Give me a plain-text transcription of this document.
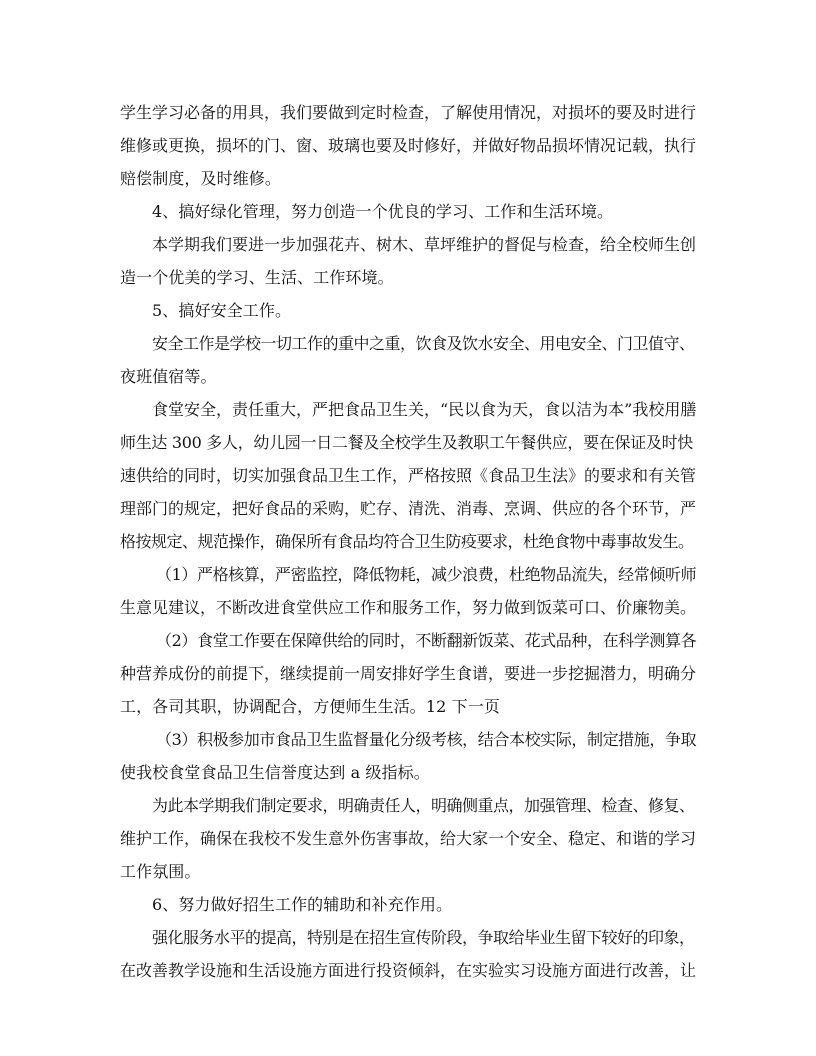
学生学习必备的用具，我们要做到定时检查，了解使用情况，对损坏的要及时进行
维修或更换，损坏的门、窗、玻璃也要及时修好，并做好物品损坏情况记载，执行
赔偿制度，及时维修。
4、搞好绿化管理，努力创造一个优良的学习、工作和生活环境。
本学期我们要进一步加强花卉、树木、草坪维护的督促与检查，给全校师生创
造一个优美的学习、生活、工作环境。
5、搞好安全工作。
安全工作是学校一切工作的重中之重，饮食及饮水安全、用电安全、门卫值守、
夜班值宿等。
食堂安全，责任重大，严把食品卫生关，“民以食为天，食以洁为本”我校用膳
师生达 300 多人，幼儿园一日二餐及全校学生及教职工午餐供应，要在保证及时快
速供给的同时，切实加强食品卫生工作，严格按照《食品卫生法》的要求和有关管
理部门的规定，把好食品的采购，贮存、清洗、消毒、烹调、供应的各个环节，严
格按规定、规范操作，确保所有食品均符合卫生防疫要求，杜绝食物中毒事故发生。
（1）严格核算，严密监控，降低物耗，减少浪费，杜绝物品流失，经常倾听师
生意见建议，不断改进食堂供应工作和服务工作，努力做到饭菜可口、价廉物美。
（2）食堂工作要在保障供给的同时，不断翻新饭菜、花式品种，在科学测算各
种营养成份的前提下，继续提前一周安排好学生食谱，要进一步挖掘潜力，明确分
工，各司其职，协调配合，方便师生生活。12 下一页
（3）积极参加市食品卫生监督量化分级考核，结合本校实际，制定措施，争取
使我校食堂食品卫生信誉度达到 a 级指标。
为此本学期我们制定要求，明确责任人，明确侧重点，加强管理、检查、修复、
维护工作，确保在我校不发生意外伤害事故，给大家一个安全、稳定、和谐的学习
工作氛围。
6、努力做好招生工作的辅助和补充作用。
强化服务水平的提高，特别是在招生宣传阶段，争取给毕业生留下较好的印象，
在改善教学设施和生活设施方面进行投资倾斜，在实验实习设施方面进行改善，让
